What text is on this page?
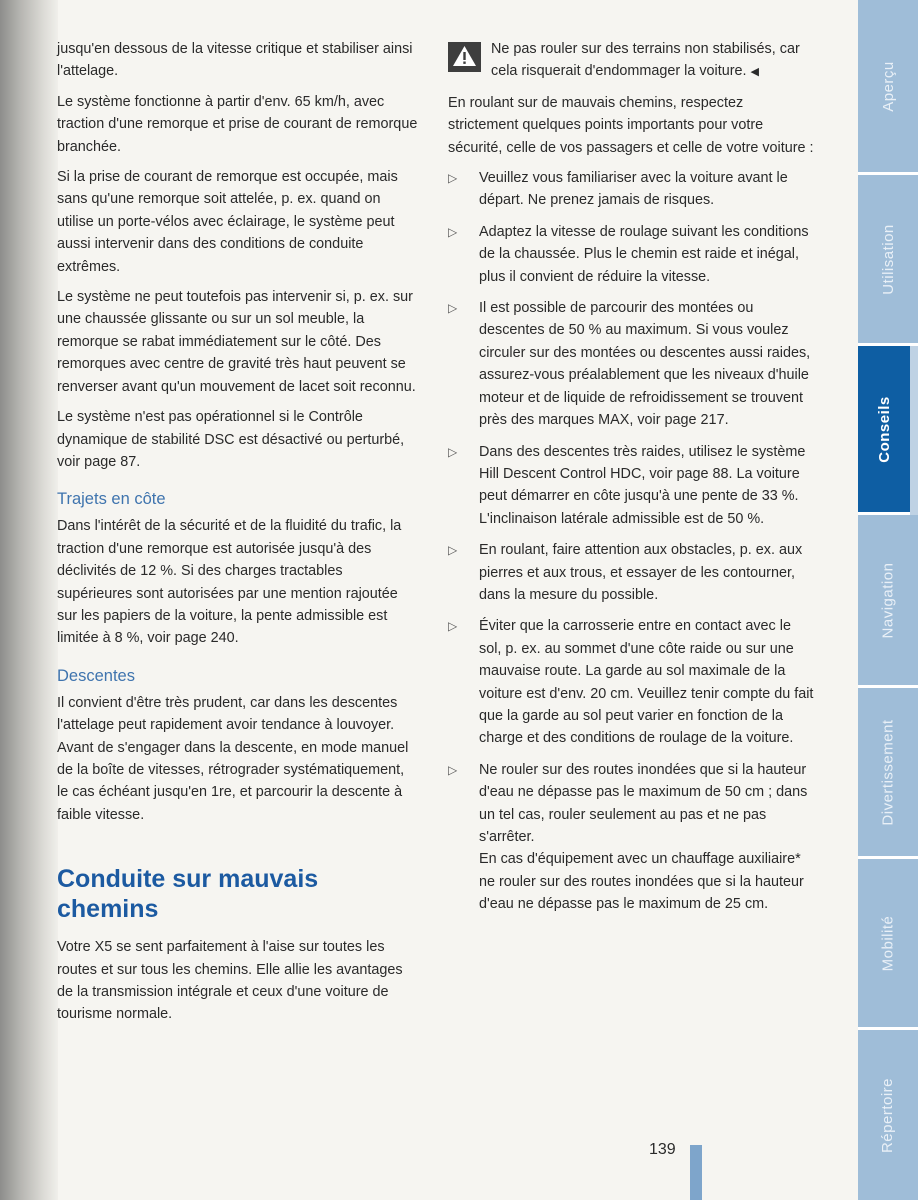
jusqu'en dessous de la vitesse critique et stabiliser ainsi l'attelage.

Le système fonctionne à partir d'env. 65 km/h, avec traction d'une remorque et prise de courant de remorque branchée.

Si la prise de courant de remorque est occupée, mais sans qu'une remorque soit attelée, p. ex. quand on utilise un porte-vélos avec éclairage, le système peut aussi intervenir dans des conditions de conduite extrêmes.

Le système ne peut toutefois pas intervenir si, p. ex. sur une chaussée glissante ou sur un sol meuble, la remorque se rabat immédiatement sur le côté. Des remorques avec centre de gravité très haut peuvent se renverser avant qu'un mouvement de lacet soit reconnu.

Le système n'est pas opérationnel si le Contrôle dynamique de stabilité DSC est désactivé ou perturbé, voir page 87.

Trajets en côte

Dans l'intérêt de la sécurité et de la fluidité du trafic, la traction d'une remorque est autorisée jusqu'à des déclivités de 12 %. Si des charges tractables supérieures sont autorisées par une mention rajoutée sur les papiers de la voiture, la pente admissible est limitée à 8 %, voir page 240.

Descentes

Il convient d'être très prudent, car dans les descentes l'attelage peut rapidement avoir tendance à louvoyer.

Avant de s'engager dans la descente, en mode manuel de la boîte de vitesses, rétrograder systématiquement, le cas échéant jusqu'en 1re, et parcourir la descente à faible vitesse.

Conduite sur mauvais chemins

Votre X5 se sent parfaitement à l'aise sur toutes les routes et sur tous les chemins. Elle allie les avantages de la transmission intégrale et ceux d'une voiture de tourisme normale.

Ne pas rouler sur des terrains non stabilisés, car cela risquerait d'endommager la voiture. ◀

En roulant sur de mauvais chemins, respectez strictement quelques points importants pour votre sécurité, celle de vos passagers et celle de votre voiture :

▷ Veuillez vous familiariser avec la voiture avant le départ. Ne prenez jamais de risques.

▷ Adaptez la vitesse de roulage suivant les conditions de la chaussée. Plus le chemin est raide et inégal, plus il convient de réduire la vitesse.

▷ Il est possible de parcourir des montées ou descentes de 50 % au maximum. Si vous voulez circuler sur des montées ou descentes aussi raides, assurez-vous préalablement que les niveaux d'huile moteur et de liquide de refroidissement se trouvent près des marques MAX, voir page 217.

▷ Dans des descentes très raides, utilisez le système Hill Descent Control HDC, voir page 88. La voiture peut démarrer en côte jusqu'à une pente de 33 %.

L'inclinaison latérale admissible est de 50 %.

▷ En roulant, faire attention aux obstacles, p. ex. aux pierres et aux trous, et essayer de les contourner, dans la mesure du possible.

▷ Éviter que la carrosserie entre en contact avec le sol, p. ex. au sommet d'une côte raide ou sur une mauvaise route. La garde au sol maximale de la voiture est d'env. 20 cm. Veuillez tenir compte du fait que la garde au sol peut varier en fonction de la charge et des conditions de roulage de la voiture.

▷ Ne rouler sur des routes inondées que si la hauteur d'eau ne dépasse pas le maximum de 50 cm ; dans un tel cas, rouler seulement au pas et ne pas s'arrêter.

En cas d'équipement avec un chauffage auxiliaire* ne rouler sur des routes inondées que si la hauteur d'eau ne dépasse pas le maximum de 25 cm.

Aperçu
Utilisation
Conseils
Navigation
Divertissement
Mobilité
Répertoire
139
